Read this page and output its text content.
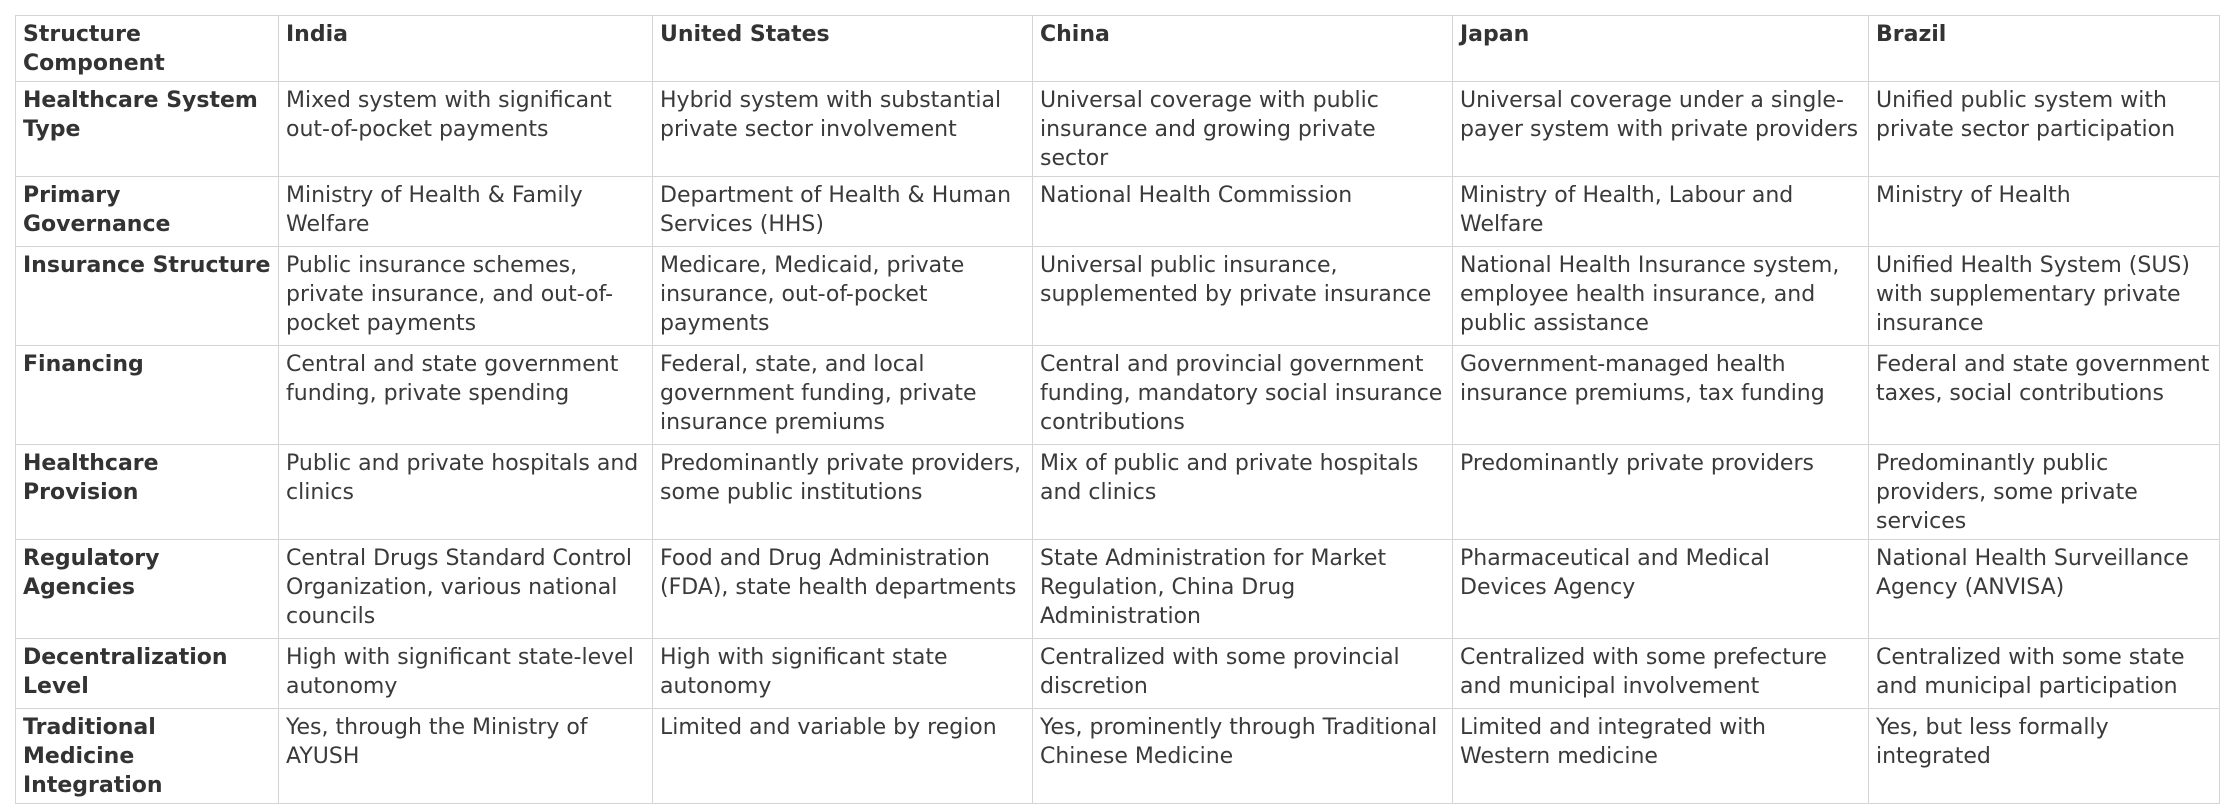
Structure Component	India	United States	China	Japan	Brazil
Healthcare System Type	Mixed system with significant out-of-pocket payments	Hybrid system with substantial private sector involvement	Universal coverage with public insurance and growing private sector	Universal coverage under a single-payer system with private providers	Unified public system with private sector participation
Primary Governance	Ministry of Health & Family Welfare	Department of Health & Human Services (HHS)	National Health Commission	Ministry of Health, Labour and Welfare	Ministry of Health
Insurance Structure	Public insurance schemes, private insurance, and out-of-pocket payments	Medicare, Medicaid, private insurance, out-of-pocket payments	Universal public insurance, supplemented by private insurance	National Health Insurance system, employee health insurance, and public assistance	Unified Health System (SUS) with supplementary private insurance
Financing	Central and state government funding, private spending	Federal, state, and local government funding, private insurance premiums	Central and provincial government funding, mandatory social insurance contributions	Government-managed health insurance premiums, tax funding	Federal and state government taxes, social contributions
Healthcare Provision	Public and private hospitals and clinics	Predominantly private providers, some public institutions	Mix of public and private hospitals and clinics	Predominantly private providers	Predominantly public providers, some private services
Regulatory Agencies	Central Drugs Standard Control Organization, various national councils	Food and Drug Administration (FDA), state health departments	State Administration for Market Regulation, China Drug Administration	Pharmaceutical and Medical Devices Agency	National Health Surveillance Agency (ANVISA)
Decentralization Level	High with significant state-level autonomy	High with significant state autonomy	Centralized with some provincial discretion	Centralized with some prefecture and municipal involvement	Centralized with some state and municipal participation
Traditional Medicine Integration	Yes, through the Ministry of AYUSH	Limited and variable by region	Yes, prominently through Traditional Chinese Medicine	Limited and integrated with Western medicine	Yes, but less formally integrated
